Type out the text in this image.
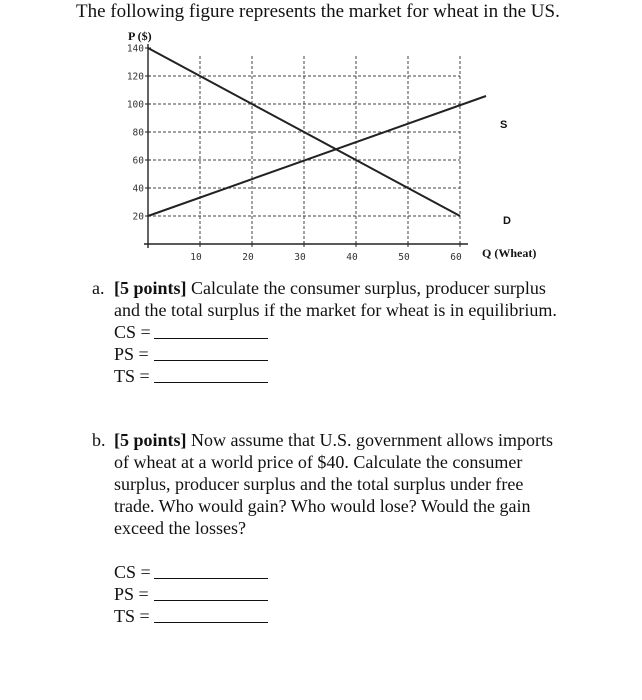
The following figure represents the market for wheat in the US.
20
40
60
80
100
120
140
10	20	30	40	50	60
P ($)
Q (Wheat)
S
D
a. [5 points] Calculate the consumer surplus, producer surplus and the total surplus if the market for wheat is in equilibrium.
CS =
PS =
TS =
b. [5 points] Now assume that U.S. government allows imports of wheat at a world price of $40. Calculate the consumer surplus, producer surplus and the total surplus under free trade. Who would gain? Who would lose? Would the gain exceed the losses?
CS =
PS =
TS =
